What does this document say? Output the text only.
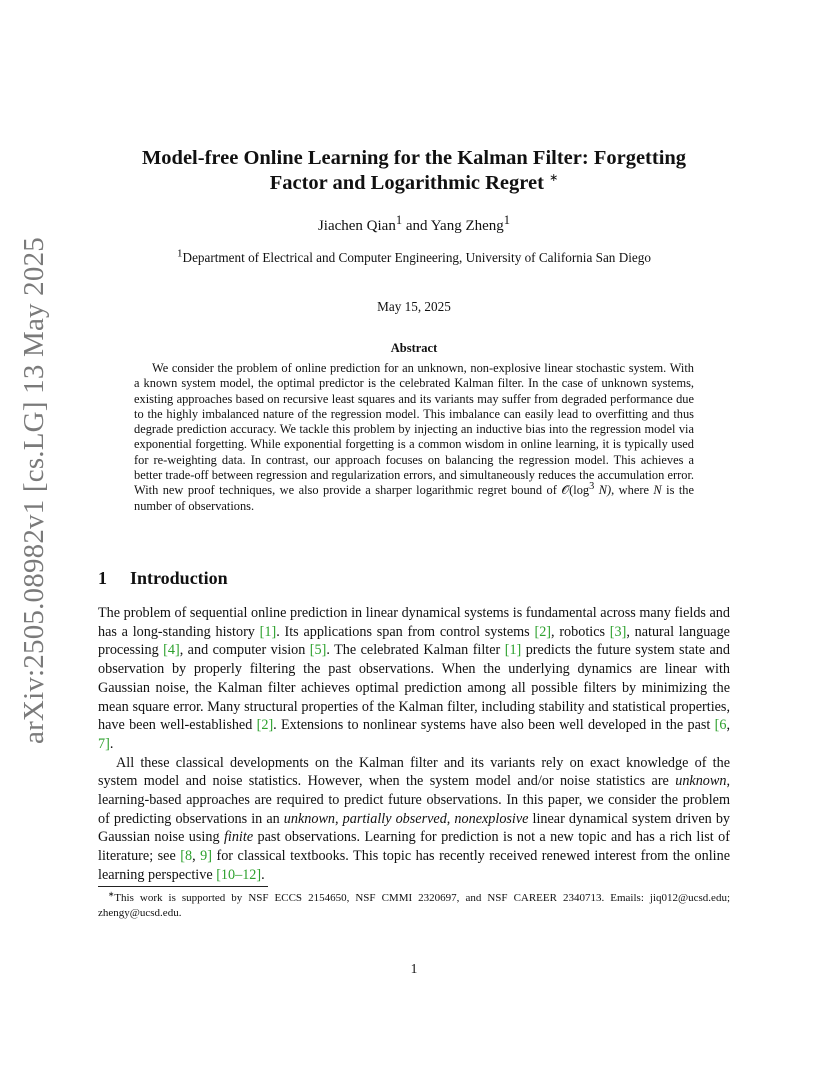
arXiv:2505.08982v1 [cs.LG] 13 May 2025
Model-free Online Learning for the Kalman Filter: Forgetting
Factor and Logarithmic Regret ∗
Jiachen Qian$^1$ and Yang Zheng$^1$
$^1$Department of Electrical and Computer Engineering, University of California San Diego
May 15, 2025
Abstract

We consider the problem of online prediction for an unknown, non-explosive linear stochastic system. With a known system model, the optimal predictor is the celebrated Kalman filter. In the case of unknown systems, existing approaches based on recursive least squares and its variants may suffer from degraded performance due to the highly imbalanced nature of the regression model. This imbalance can easily lead to overfitting and thus degrade prediction accuracy. We tackle this problem by injecting an inductive bias into the regression model via exponential forgetting. While exponential forgetting is a common wisdom in online learning, it is typically used for re-weighting data. In contrast, our approach focuses on balancing the regression model. This achieves a better trade-off between regression and regularization errors, and simultaneously reduces the accumulation error. With new proof techniques, we also provide a sharper logarithmic regret bound of $𝒪(\log^3$ N), where N is the number of observations.

1 Introduction

The problem of sequential online prediction in linear dynamical systems is fundamental across many fields and has a long-standing history [1]. Its applications span from control systems [2], robotics [3], natural language processing [4], and computer vision [5]. The celebrated Kalman filter [1] predicts the future system state and observation by properly filtering the past observations. When the underlying dynamics are linear with Gaussian noise, the Kalman filter achieves optimal prediction among all possible filters by minimizing the mean square error. Many structural properties of the Kalman filter, including stability and statistical properties, have been well-established [2]. Extensions to nonlinear systems have also been well developed in the past [6, 7].

All these classical developments on the Kalman filter and its variants rely on exact knowledge of the system model and noise statistics. However, when the system model and/or noise statistics are unknown, learning-based approaches are required to predict future observations. In this paper, we consider the problem of predicting observations in an unknown, partially observed, nonexplosive linear dynamical system driven by Gaussian noise using finite past observations. Learning for prediction is not a new topic and has a rich list of literature; see [8, 9] for classical textbooks. This topic has recently received renewed interest from the online learning perspective [10–12].

∗This work is supported by NSF ECCS 2154650, NSF CMMI 2320697, and NSF CAREER 2340713. Emails: jiq012@ucsd.edu; zhengy@ucsd.edu.

1
